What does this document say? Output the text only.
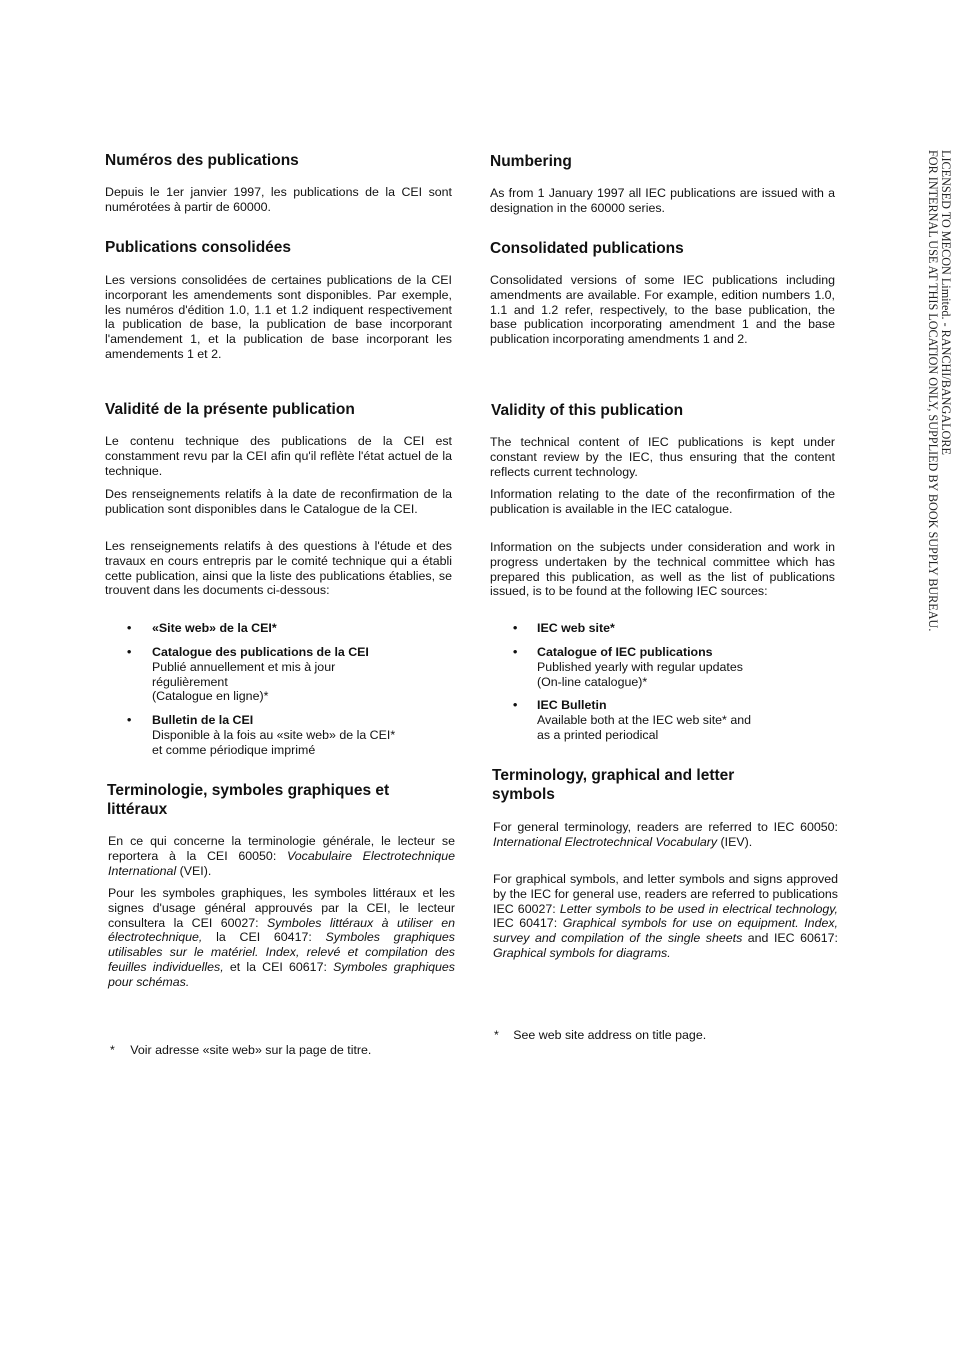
Numéros des publications

Depuis le 1er janvier 1997, les publications de la CEI sont numérotées à partir de 60000.

Publications consolidées

Les versions consolidées de certaines publications de la CEI incorporant les amendements sont disponibles. Par exemple, les numéros d'édition 1.0, 1.1 et 1.2 indiquent respectivement la publication de base, la publication de base incorporant l'amendement 1, et la publication de base incorporant les amendements 1 et 2.

Validité de la présente publication

Le contenu technique des publications de la CEI est constamment revu par la CEI afin qu'il reflète l'état actuel de la technique.

Des renseignements relatifs à la date de reconfirmation de la publication sont disponibles dans le Catalogue de la CEI.

Les renseignements relatifs à des questions à l'étude et des travaux en cours entrepris par le comité technique qui a établi cette publication, ainsi que la liste des publications établies, se trouvent dans les documents ci-dessous:

•	«Site web» de la CEI*
•	Catalogue des publications de la CEI
Publié annuellement et mis à jour
régulièrement
(Catalogue en ligne)*
•	Bulletin de la CEI
Disponible à la fois au «site web» de la CEI*
et comme périodique imprimé
Terminologie, symboles graphiques et littéraux

En ce qui concerne la terminologie générale, le lecteur se reportera à la CEI 60050: Vocabulaire Electrotechnique International (VEI).

Pour les symboles graphiques, les symboles littéraux et les signes d'usage général approuvés par la CEI, le lecteur consultera la CEI 60027: Symboles littéraux à utiliser en électrotechnique, la CEI 60417: Symboles graphiques utilisables sur le matériel. Index, relevé et compilation des feuilles individuelles, et la CEI 60617: Symboles graphiques pour schémas.

* Voir adresse «site web» sur la page de titre.
Numbering

As from 1 January 1997 all IEC publications are issued with a designation in the 60000 series.

Consolidated publications

Consolidated versions of some IEC publications including amendments are available. For example, edition numbers 1.0, 1.1 and 1.2 refer, respectively, to the base publication, the base publication incorporating amendment 1 and the base publication incorporating amendments 1 and 2.

Validity of this publication

The technical content of IEC publications is kept under constant review by the IEC, thus ensuring that the content reflects current technology.

Information relating to the date of the reconfirmation of the publication is available in the IEC catalogue.

Information on the subjects under consideration and work in progress undertaken by the technical committee which has prepared this publication, as well as the list of publications issued, is to be found at the following IEC sources:

•	IEC web site*
•	Catalogue of IEC publications
Published yearly with regular updates
(On-line catalogue)*
•	IEC Bulletin
Available both at the IEC web site* and
as a printed periodical
Terminology, graphical and letter symbols

For general terminology, readers are referred to IEC 60050: International Electrotechnical Vocabulary (IEV).

For graphical symbols, and letter symbols and signs approved by the IEC for general use, readers are referred to publications IEC 60027: Letter symbols to be used in electrical technology, IEC 60417: Graphical symbols for use on equipment. Index, survey and compilation of the single sheets and IEC 60617: Graphical symbols for diagrams.

* See web site address on title page.
LICENSED TO MECON Limited. - RANCHI/BANGALORE
FOR INTERNAL USE AT THIS LOCATION ONLY, SUPPLIED BY BOOK SUPPLY BUREAU.
